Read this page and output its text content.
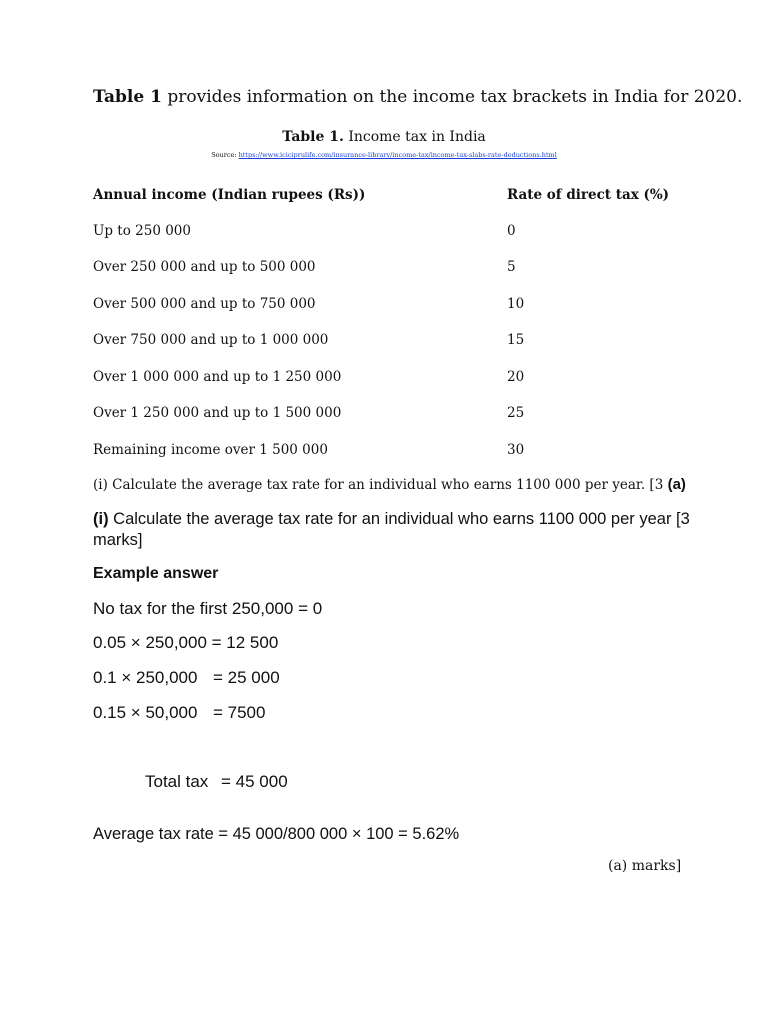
Table 1 provides information on the income tax brackets in India for 2020.
Table 1. Income tax in India
Source: https://www.iciciprulife.com/insurance-library/income-tax/income-tax-slabs-rate-deductions.html
Annual income (Indian rupees (Rs))	Rate of direct tax (%)
Up to 250 000	0
Over 250 000 and up to 500 000	5
Over 500 000 and up to 750 000	10
Over 750 000 and up to 1 000 000	15
Over 1 000 000 and up to 1 250 000	20
Over 1 250 000 and up to 1 500 000	25
Remaining income over 1 500 000	30
(i) Calculate the average tax rate for an individual who earns 1100 000 per year. [3 (a)
(i) Calculate the average tax rate for an individual who earns 1100 000 per year [3 marks]
Example answer
No tax for the first 250,000 = 0
0.05 × 250,000 = 12 500
0.1 × 250,000 = 25 000
0.15 × 50,000 = 7500
Total tax = 45 000
Average tax rate = 45 000/800 000 × 100 = 5.62%
(a) marks]
